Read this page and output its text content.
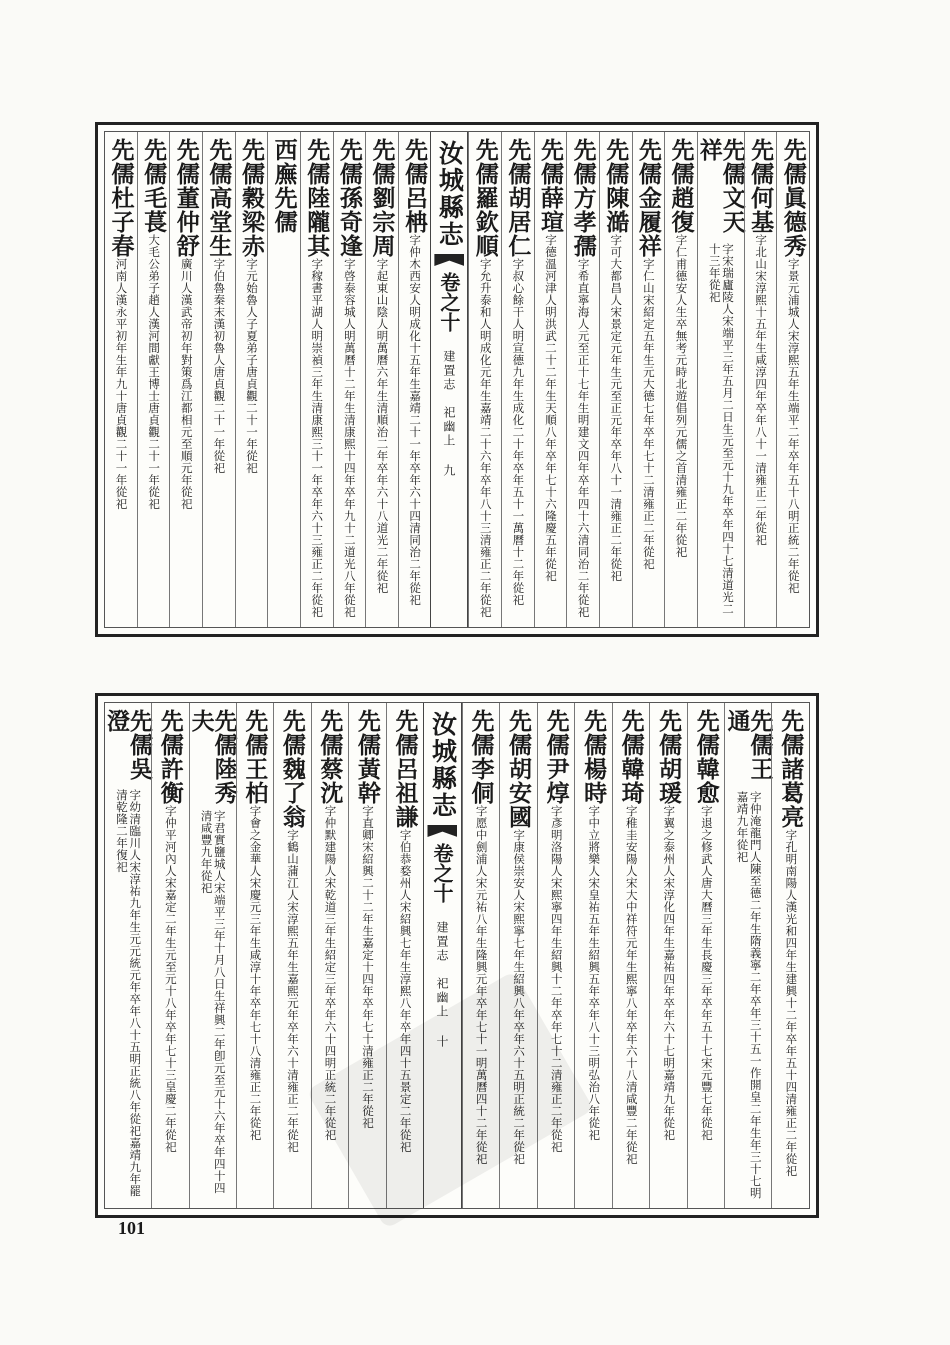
先儒眞德秀
字景元浦城人宋淳熙五年生端平二年卒年五十八明正統二年從祀
先儒何基
字北山宋淳熙十五年生咸淳四年卒年八十一清雍正二年從祀
先儒文天祥
字宋瑞廬陵人宋端平三年五月二日生元至元十九年卒年四十七清道光二十三年從祀
先儒趙復
字仁甫德安人生卒無考元時北遊倡列元儒之首清雍正二年從祀
先儒金履祥
字仁山宋紹定五年生元大德七年卒年七十二清雍正二年從祀
先儒陳澔
字可大都昌人宋景定元年生元至正元年卒年八十一清雍正二年從祀
先儒方孝孺
字希直寧海人元至正十七年生明建文四年卒年四十六清同治二年從祀
先儒薛瑄
字德溫河津人明洪武二十二年生天順八年卒年七十六隆慶五年從祀
先儒胡居仁
字叔心餘干人明宣德九年生成化二十年卒年五十一萬曆十二年從祀
先儒羅欽順
字允升泰和人明成化元年生嘉靖二十六年卒年八十三清雍正二年從祀
汝城縣志
卷之十
建置志
祀幽上
九
先儒呂柟
字仲木西安人明成化十五年生嘉靖二十一年卒年六十四清同治二年從祀
先儒劉宗周
字起東山陰人明萬曆六年生清順治二年卒年六十八道光二年從祀
先儒孫奇逢
字啓泰容城人明萬曆十二年生清康熙十四年卒年九十二道光八年從祀
先儒陸隴其
字稼書平湖人明崇禎三年生清康熙三十一年卒年六十三雍正二年從祀
西廡先儒
先儒穀梁赤
字元始魯人子夏弟子唐貞觀二十一年從祀
先儒高堂生
字伯魯秦末漢初魯人唐貞觀二十一年從祀
先儒董仲舒
廣川人漢武帝初年對策爲江都相元至順元年從祀
先儒毛萇
大毛公弟子趙人漢河間獻王博士唐貞觀二十一年從祀
先儒杜子春
河南人漢永平初年生年九十唐貞觀二十一年從祀
先儒諸葛亮
字孔明南陽人漢光和四年生建興十二年卒年五十四清雍正二年從祀
先儒王通
字仲淹龍門人陳至德二年生隋義寧二年卒年三十五一作開皇二年生年三十七明嘉靖九年從祀
先儒韓愈
字退之修武人唐大曆三年生長慶三年卒年五十七宋元豐七年從祀
先儒胡瑗
字翼之泰州人宋淳化四年生嘉祐四年卒年六十七明嘉靖九年從祀
先儒韓琦
字稚圭安陽人宋大中祥符元年生熙寧八年卒年六十八清咸豐二年從祀
先儒楊時
字中立將樂人宋皇祐五年生紹興五年卒年八十三明弘治八年從祀
先儒尹焞
字彥明洛陽人宋熙寧四年生紹興十二年卒年七十二清雍正二年從祀
先儒胡安國
字康侯崇安人宋熙寧七年生紹興八年卒年六十五明正統二年從祀
先儒李侗
字愿中劍浦人宋元祐八年生隆興元年卒年七十一明萬曆四十二年從祀
汝城縣志
卷之十
建置志
祀幽上
十
先儒呂祖謙
字伯恭婺州人宋紹興七年生淳熙八年卒年四十五景定二年從祀
先儒黃幹
字直卿宋紹興二十二年生嘉定十四年卒年七十清雍正二年從祀
先儒蔡沈
字仲默建陽人宋乾道三年生紹定三年卒年六十四明正統二年從祀
先儒魏了翁
字鶴山蒲江人宋淳熙五年生嘉熙元年卒年六十清雍正二年從祀
先儒王柏
字會之金華人宋慶元三年生咸淳十年卒年七十八清雍正二年從祀
先儒陸秀夫
字君實鹽城人宋端平三年十月八日生祥興二年卽元至元十六年卒年四十四清咸豐九年從祀
先儒許衡
字仲平河內人宋嘉定二年生元至元十八年卒年七十三皇慶二年從祀
先儒吳澄
字幼清臨川人宋淳祐九年生元元統元年卒年八十五明正統八年從祀嘉靖九年罷清乾隆二年復祀
101
